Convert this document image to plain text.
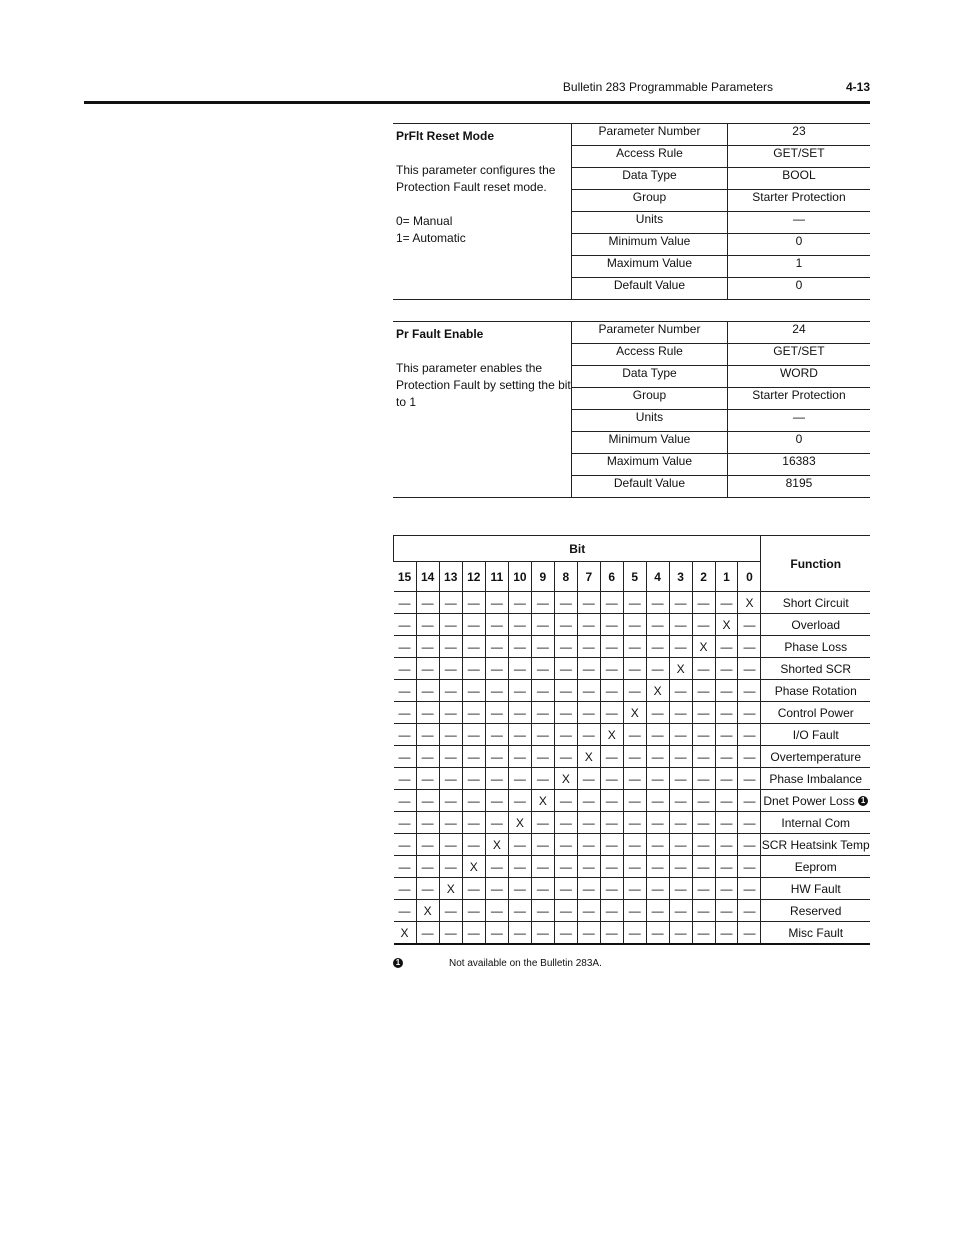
Bulletin 283 Programmable Parameters	4-13
PrFlt Reset Mode
This parameter configures the Protection Fault reset mode.
0= Manual
1= Automatic
Parameter Number	23
Access Rule	GET/SET
Data Type	BOOL
Group	Starter Protection
Units	—
Minimum Value	0
Maximum Value	1
Default Value	0
Pr Fault Enable
This parameter enables the Protection Fault by setting the bit to 1
Parameter Number	24
Access Rule	GET/SET
Data Type	WORD
Group	Starter Protection
Units	—
Minimum Value	0
Maximum Value	16383
Default Value	8195
Bit																Function
15	14	13	12	11	10	9	8	7	6	5	4	3	2	1	0	
—	—	—	—	—	—	—	—	—	—	—	—	—	—	—	X	Short Circuit
—	—	—	—	—	—	—	—	—	—	—	—	—	—	X	—	Overload
—	—	—	—	—	—	—	—	—	—	—	—	—	X	—	—	Phase Loss
—	—	—	—	—	—	—	—	—	—	—	—	X	—	—	—	Shorted SCR
—	—	—	—	—	—	—	—	—	—	—	X	—	—	—	—	Phase Rotation
—	—	—	—	—	—	—	—	—	—	X	—	—	—	—	—	Control Power
—	—	—	—	—	—	—	—	—	X	—	—	—	—	—	—	I/O Fault
—	—	—	—	—	—	—	—	X	—	—	—	—	—	—	—	Overtemperature
—	—	—	—	—	—	—	X	—	—	—	—	—	—	—	—	Phase Imbalance
—	—	—	—	—	—	X	—	—	—	—	—	—	—	—	—	Dnet Power Loss 1
—	—	—	—	—	X	—	—	—	—	—	—	—	—	—	—	Internal Com
—	—	—	—	X	—	—	—	—	—	—	—	—	—	—	—	SCR Heatsink Temp
—	—	—	X	—	—	—	—	—	—	—	—	—	—	—	—	Eeprom
—	—	X	—	—	—	—	—	—	—	—	—	—	—	—	—	HW Fault
—	X	—	—	—	—	—	—	—	—	—	—	—	—	—	—	Reserved
X	—	—	—	—	—	—	—	—	—	—	—	—	—	—	—	Misc Fault
1	Not available on the Bulletin 283A.
